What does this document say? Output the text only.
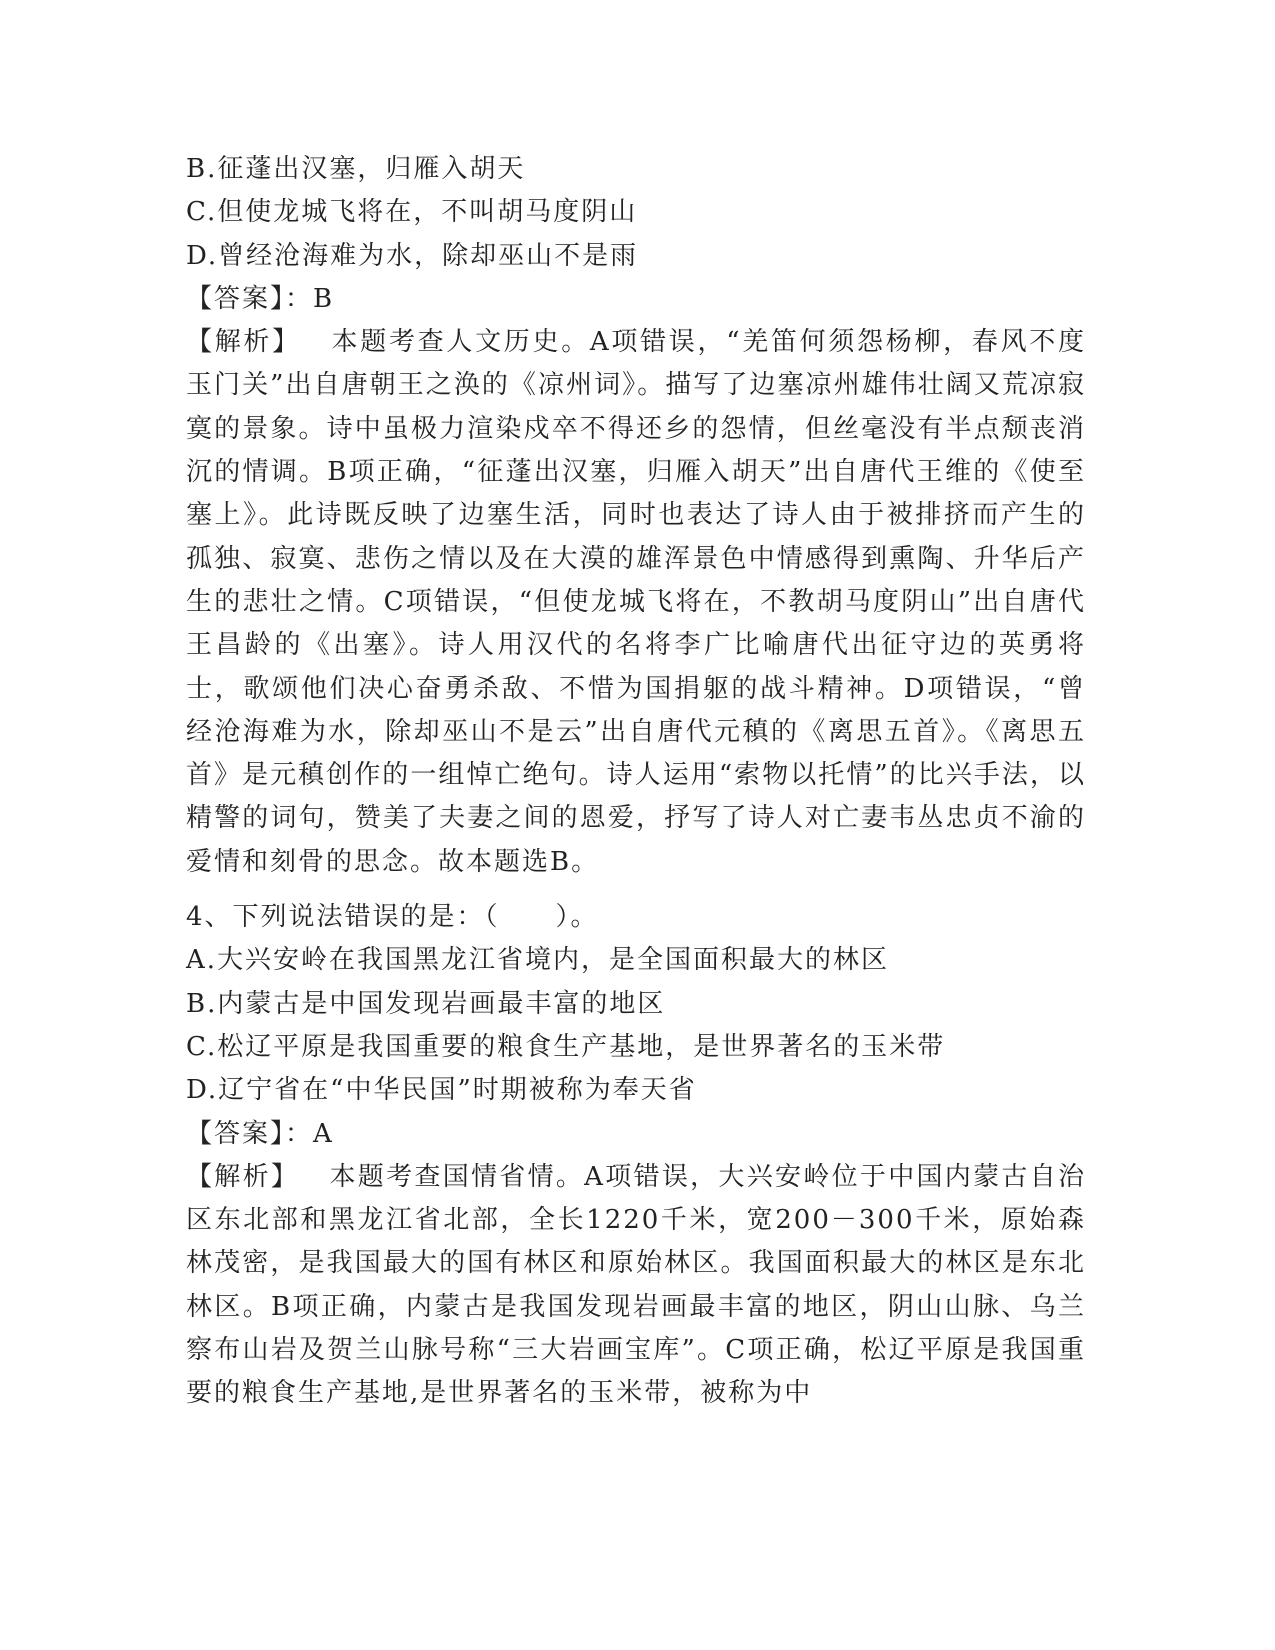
B.征蓬出汉塞，归雁入胡天
C.但使龙城飞将在，不叫胡马度阴山
D.曾经沧海难为水，除却巫山不是雨
【答案】：B
【解析】 本题考查人文历史。A项错误，“羌笛何须怨杨柳，春风不度玉门关”出自唐朝王之涣的《凉州词》。描写了边塞凉州雄伟壮阔又荒凉寂寞的景象。诗中虽极力渲染戍卒不得还乡的怨情，但丝毫没有半点颓丧消沉的情调。B项正确，“征蓬出汉塞，归雁入胡天”出自唐代王维的《使至塞上》。此诗既反映了边塞生活，同时也表达了诗人由于被排挤而产生的孤独、寂寞、悲伤之情以及在大漠的雄浑景色中情感得到熏陶、升华后产生的悲壮之情。C项错误，“但使龙城飞将在，不教胡马度阴山”出自唐代王昌龄的《出塞》。诗人用汉代的名将李广比喻唐代出征守边的英勇将士，歌颂他们决心奋勇杀敌、不惜为国捐躯的战斗精神。D项错误，“曾经沧海难为水，除却巫山不是云”出自唐代元稹的《离思五首》。《离思五首》是元稹创作的一组悼亡绝句。诗人运用“索物以托情”的比兴手法，以精警的词句，赞美了夫妻之间的恩爱，抒写了诗人对亡妻韦丛忠贞不渝的爱情和刻骨的思念。故本题选B。
4、下列说法错误的是：（　　）。
A.大兴安岭在我国黑龙江省境内，是全国面积最大的林区
B.内蒙古是中国发现岩画最丰富的地区
C.松辽平原是我国重要的粮食生产基地，是世界著名的玉米带
D.辽宁省在“中华民国”时期被称为奉天省
【答案】：A
【解析】 本题考查国情省情。A项错误，大兴安岭位于中国内蒙古自治区东北部和黑龙江省北部，全长1220千米，宽200－300千米，原始森林茂密，是我国最大的国有林区和原始林区。我国面积最大的林区是东北林区。B项正确，内蒙古是我国发现岩画最丰富的地区，阴山山脉、乌兰察布山岩及贺兰山脉号称“三大岩画宝库”。C项正确，松辽平原是我国重要的粮食生产基地,是世界著名的玉米带，被称为中
